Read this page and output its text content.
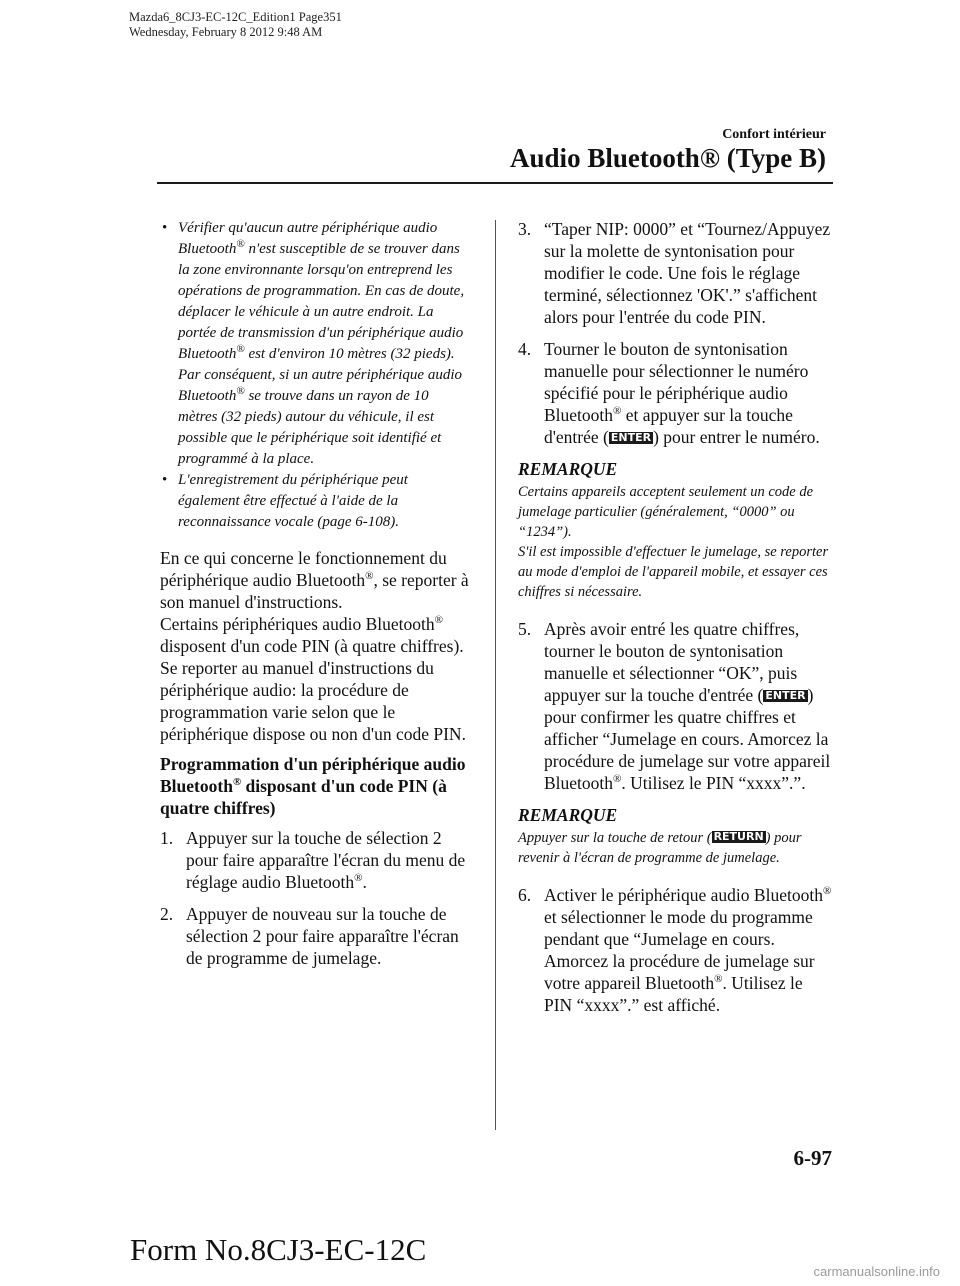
Mazda6_8CJ3-EC-12C_Edition1 Page351
Wednesday, February 8 2012 9:48 AM
Confort intérieur
Audio Bluetooth® (Type B)
• Vérifier qu'aucun autre périphérique audio Bluetooth® n'est susceptible de se trouver dans la zone environnante lorsqu'on entreprend les opérations de programmation. En cas de doute, déplacer le véhicule à un autre endroit. La portée de transmission d'un périphérique audio Bluetooth® est d'environ 10 mètres (32 pieds). Par conséquent, si un autre périphérique audio Bluetooth® se trouve dans un rayon de 10 mètres (32 pieds) autour du véhicule, il est possible que le périphérique soit identifié et programmé à la place.
• L'enregistrement du périphérique peut également être effectué à l'aide de la reconnaissance vocale (page 6-108).

En ce qui concerne le fonctionnement du périphérique audio Bluetooth®, se reporter à son manuel d'instructions.
Certains périphériques audio Bluetooth® disposent d'un code PIN (à quatre chiffres). Se reporter au manuel d'instructions du périphérique audio: la procédure de programmation varie selon que le périphérique dispose ou non d'un code PIN.

Programmation d'un périphérique audio Bluetooth® disposant d'un code PIN (à quatre chiffres)

1. Appuyer sur la touche de sélection 2 pour faire apparaître l'écran du menu de réglage audio Bluetooth®.
2. Appuyer de nouveau sur la touche de sélection 2 pour faire apparaître l'écran de programme de jumelage.
3. “Taper NIP: 0000” et “Tournez/Appuyez sur la molette de syntonisation pour modifier le code. Une fois le réglage terminé, sélectionnez 'OK'.” s'affichent alors pour l'entrée du code PIN.
4. Tourner le bouton de syntonisation manuelle pour sélectionner le numéro spécifié pour le périphérique audio Bluetooth® et appuyer sur la touche d'entrée ( ENTER ) pour entrer le numéro.
REMARQUE

Certains appareils acceptent seulement un code de jumelage particulier (généralement, “0000” ou “1234”).

S'il est impossible d'effectuer le jumelage, se reporter au mode d'emploi de l'appareil mobile, et essayer ces chiffres si nécessaire.

5. Après avoir entré les quatre chiffres, tourner le bouton de syntonisation manuelle et sélectionner “OK”, puis appuyer sur la touche d'entrée ( ENTER ) pour confirmer les quatre chiffres et afficher “Jumelage en cours. Amorcez la procédure de jumelage sur votre appareil Bluetooth®. Utilisez le PIN “xxxx”.”.
REMARQUE
Appuyer sur la touche de retour ( RETURN ) pour revenir à l'écran de programme de jumelage.
6. Activer le périphérique audio Bluetooth® et sélectionner le mode du programme pendant que “Jumelage en cours. Amorcez la procédure de jumelage sur votre appareil Bluetooth®. Utilisez le PIN “xxxx”.” est affiché.
6-97
Form No.8CJ3-EC-12C
carmanualsonline.info
